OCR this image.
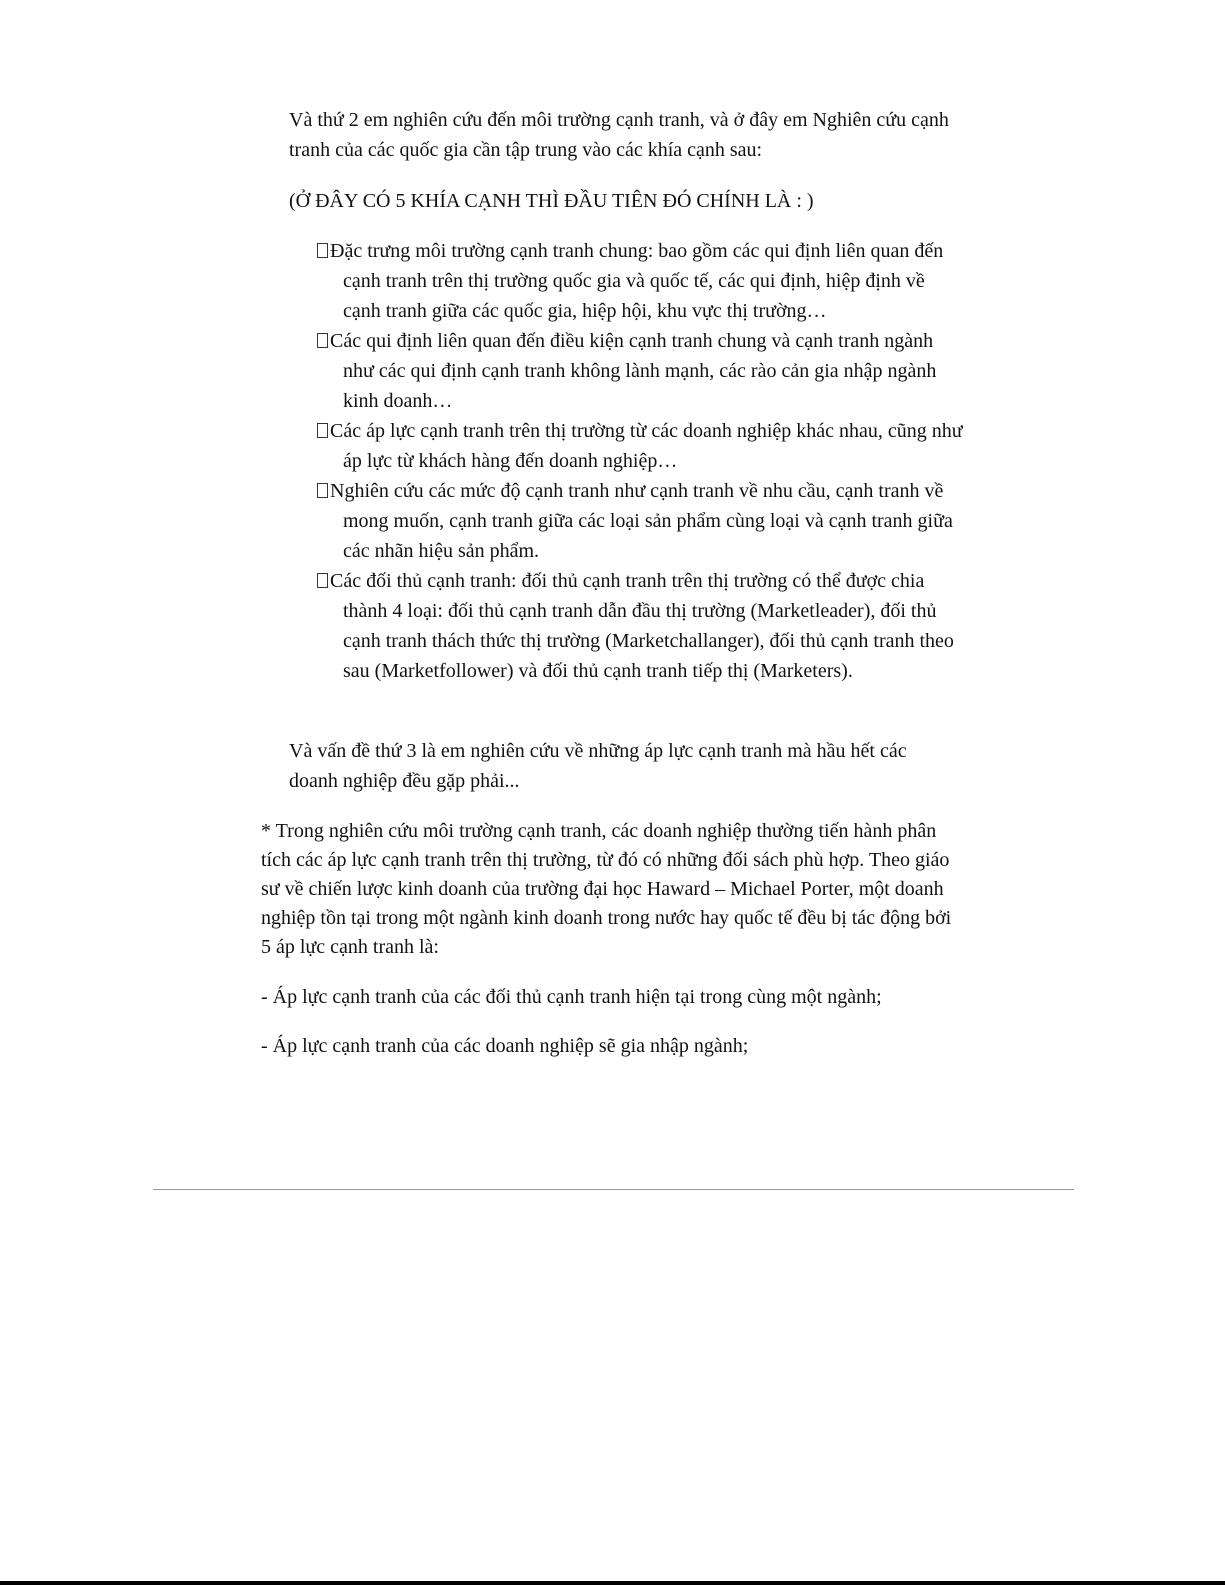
Và thứ 2 em nghiên cứu đến môi trường cạnh tranh, và ở đây em Nghiên cứu cạnh tranh của các quốc gia cần tập trung vào các khía cạnh sau:

(Ở ĐÂY CÓ 5 KHÍA CẠNH THÌ ĐẦU TIÊN ĐÓ CHÍNH LÀ : )

Đặc trưng môi trường cạnh tranh chung: bao gồm các qui định liên quan đến cạnh tranh trên thị trường quốc gia và quốc tế, các qui định, hiệp định về cạnh tranh giữa các quốc gia, hiệp hội, khu vực thị trường…
Các qui định liên quan đến điều kiện cạnh tranh chung và cạnh tranh ngành như các qui định cạnh tranh không lành mạnh, các rào cản gia nhập ngành kinh doanh…
Các áp lực cạnh tranh trên thị trường từ các doanh nghiệp khác nhau, cũng như áp lực từ khách hàng đến doanh nghiệp…
Nghiên cứu các mức độ cạnh tranh như cạnh tranh về nhu cầu, cạnh tranh về mong muốn, cạnh tranh giữa các loại sản phẩm cùng loại và cạnh tranh giữa các nhãn hiệu sản phẩm.
Các đối thủ cạnh tranh: đối thủ cạnh tranh trên thị trường có thể được chia thành 4 loại: đối thủ cạnh tranh dẫn đầu thị trường (Marketleader), đối thủ cạnh tranh thách thức thị trường (Marketchallanger), đối thủ cạnh tranh theo sau (Marketfollower) và đối thủ cạnh tranh tiếp thị (Marketers).

Và vấn đề thứ 3 là em nghiên cứu về những áp lực cạnh tranh mà hầu hết các doanh nghiệp đều gặp phải...

* Trong nghiên cứu môi trường cạnh tranh, các doanh nghiệp thường tiến hành phân tích các áp lực cạnh tranh trên thị trường, từ đó có những đối sách phù hợp. Theo giáo sư về chiến lược kinh doanh của trường đại học Haward – Michael Porter, một doanh nghiệp tồn tại trong một ngành kinh doanh trong nước hay quốc tế đều bị tác động bởi 5 áp lực cạnh tranh là:

- Áp lực cạnh tranh của các đối thủ cạnh tranh hiện tại trong cùng một ngành;

- Áp lực cạnh tranh của các doanh nghiệp sẽ gia nhập ngành;
